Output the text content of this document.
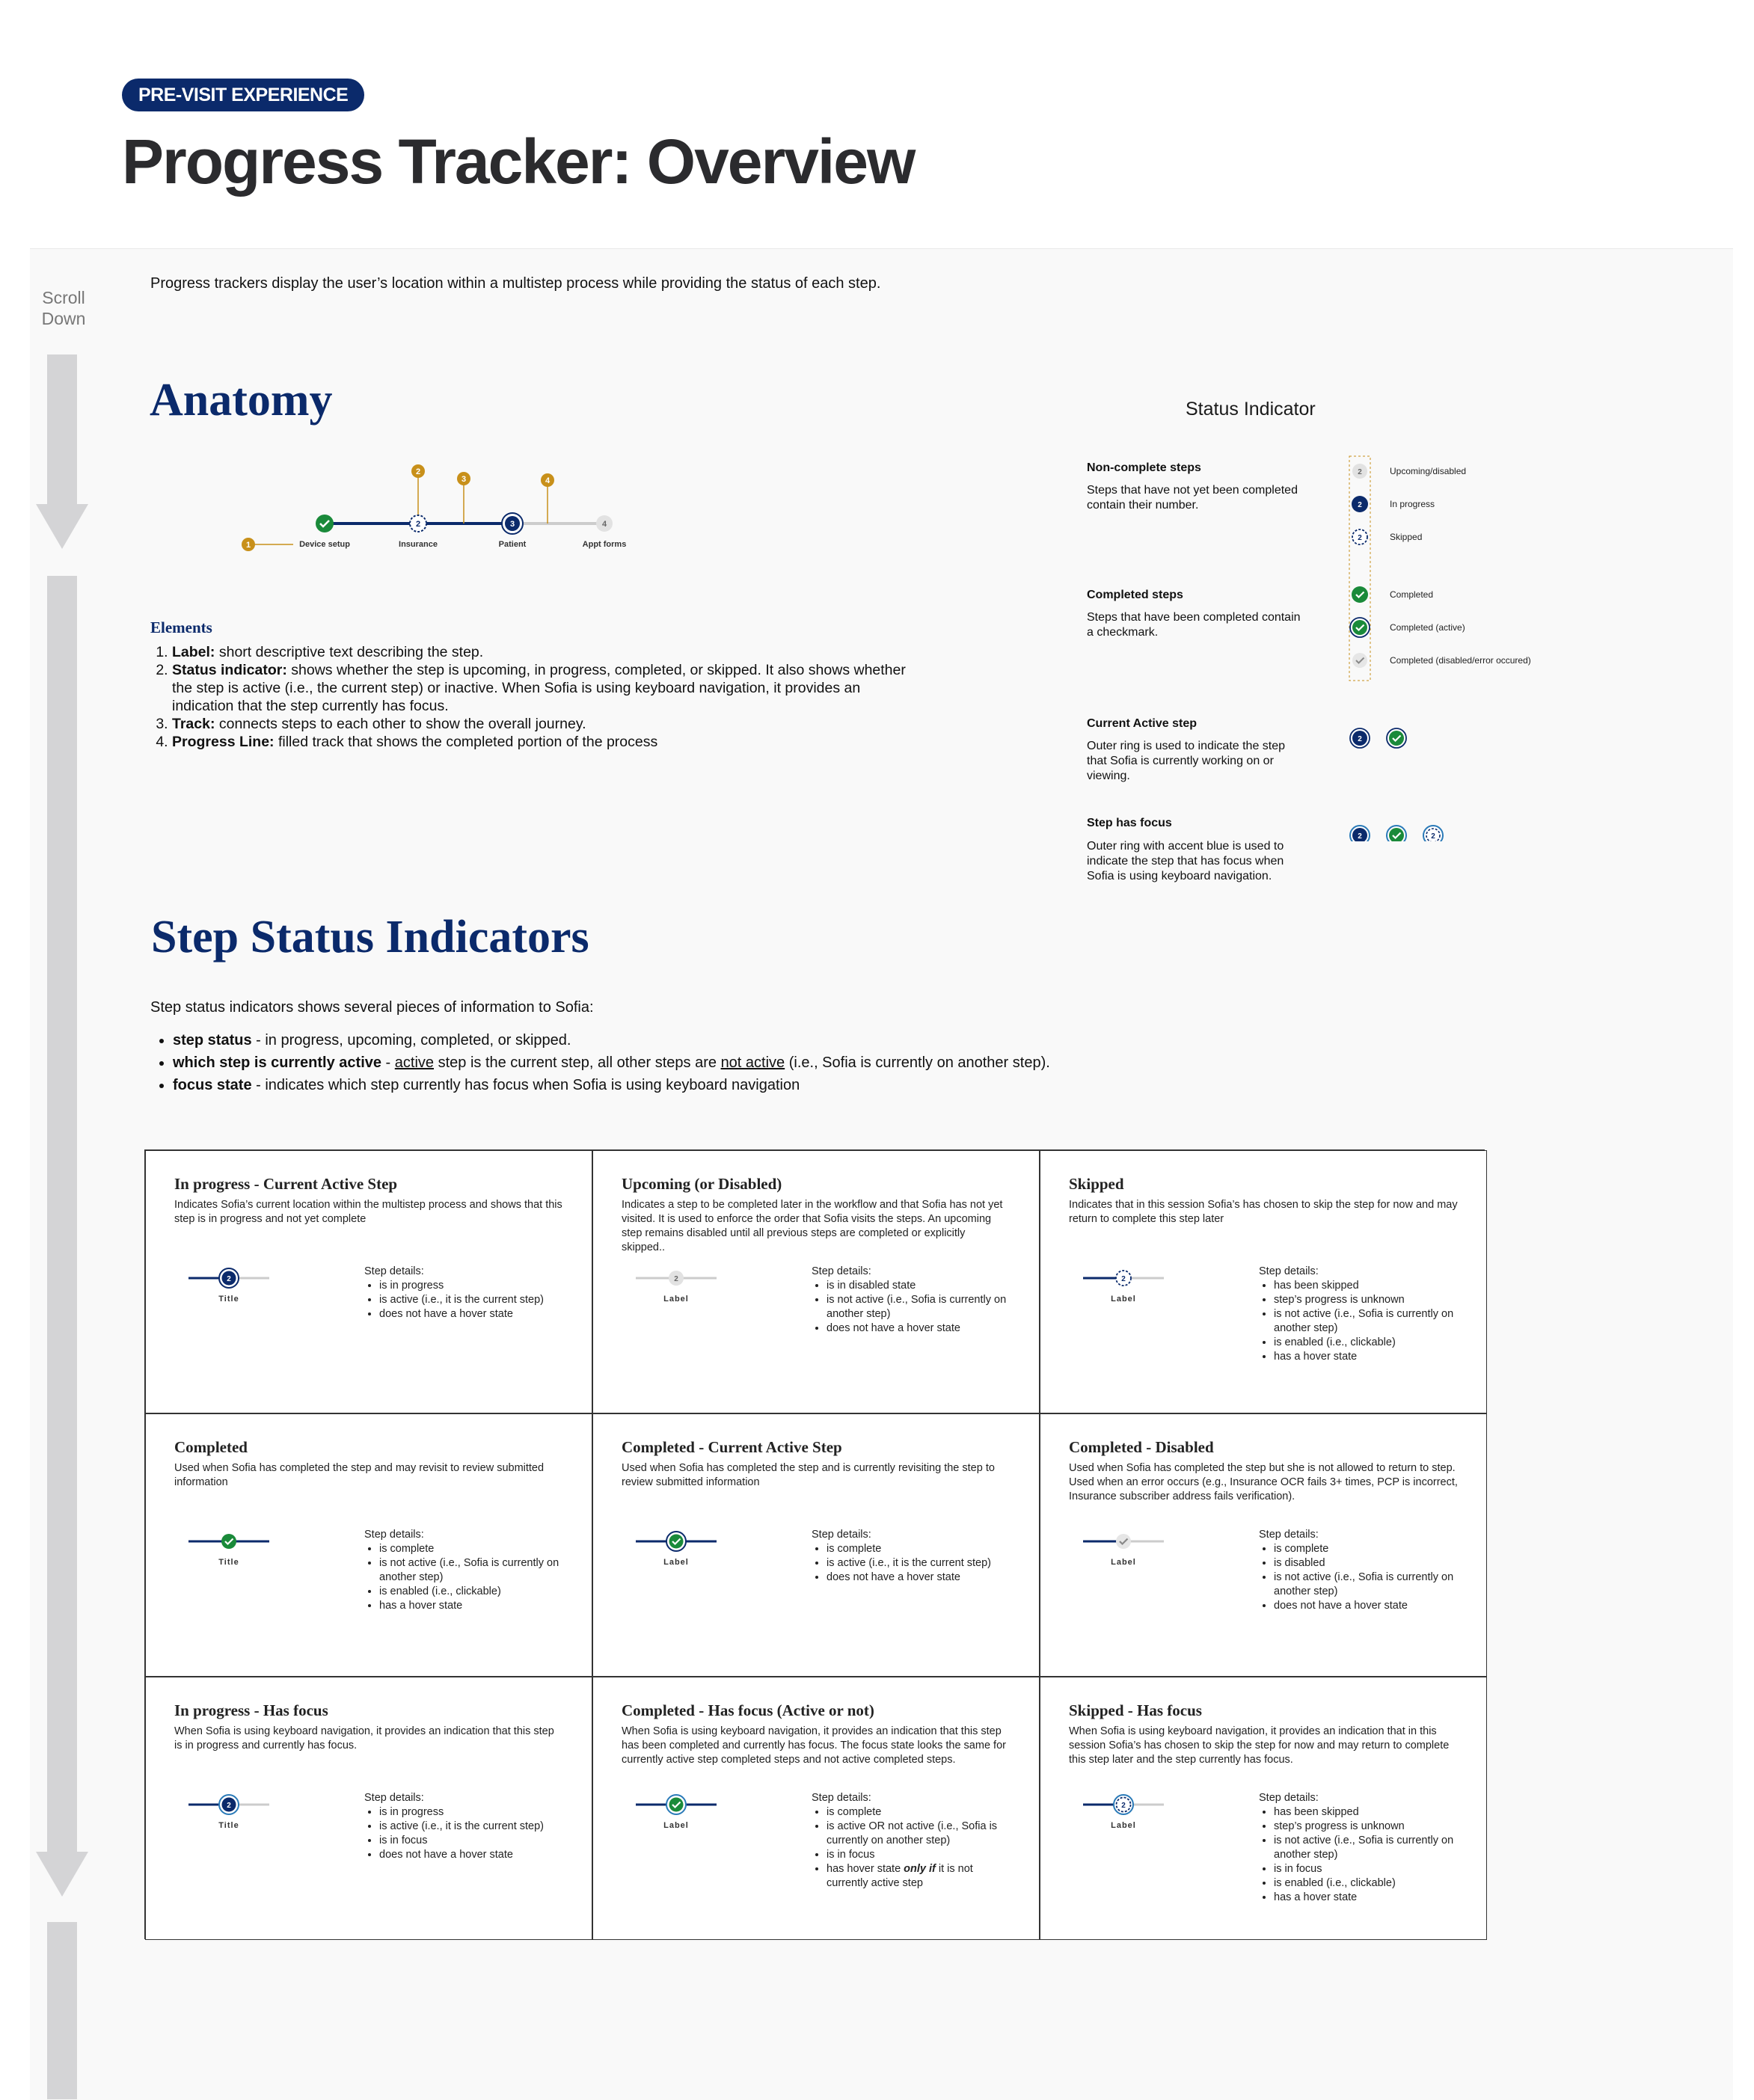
PRE-VISIT EXPERIENCE
Progress Tracker: Overview
Scroll
Down
Progress trackers display the user’s location within a multistep process while providing the status of each step.
Anatomy
1
2
3	4
2	3	4
Device setup	Insurance	Patient	Appt forms
Elements
1. Label: short descriptive text describing the step.
2. Status indicator: shows whether the step is upcoming, in progress, completed, or skipped. It also shows whether the step is active (i.e., the current step) or inactive. When Sofia is using keyboard navigation, it provides an indication that the step currently has focus.
3. Track: connects steps to each other to show the overall journey.
4. Progress Line: filled track that shows the completed portion of the process
Status Indicator
Non-complete steps
Steps that have not yet been completed contain their number.
Completed steps
Steps that have been completed contain a checkmark.
Current Active step
Outer ring is used to indicate the step that Sofia is currently working on or viewing.
Step has focus
Outer ring with accent blue is used to indicate the step that has focus when Sofia is using keyboard navigation.
2
2
2
2
2	2
Upcoming/disabled
In progress
Skipped
Completed
Completed (active)
Completed (disabled/error occured)
Step Status Indicators
Step status indicators shows several pieces of information to Sofia:
• step status - in progress, upcoming, completed, or skipped.
• which step is currently active - active step is the current step, all other steps are not active (i.e., Sofia is currently on another step).
• focus state - indicates which step currently has focus when Sofia is using keyboard navigation
In progress - Current Active Step
Indicates Sofia’s current location within the multistep process and shows that this step is in progress and not yet complete
2
Title
Step details:
• is in progress
• is active (i.e., it is the current step)
• does not have a hover state
Upcoming (or Disabled)
Indicates a step to be completed later in the workflow and that Sofia has not yet visited. It is used to enforce the order that Sofia visits the steps. An upcoming step remains disabled until all previous steps are completed or explicitly skipped..
2
Label
Step details:
• is in disabled state
• is not active (i.e., Sofia is currently on another step)
• does not have a hover state
Skipped
Indicates that in this session Sofia’s has chosen to skip the step for now and may return to complete this step later
2
Label
Step details:
• has been skipped
• step’s progress is unknown
• is not active (i.e., Sofia is currently on another step)
• is enabled (i.e., clickable)
• has a hover state
Completed
Used when Sofia has completed the step and may revisit to review submitted information
Title
Step details:
• is complete
• is not active (i.e., Sofia is currently on another step)
• is enabled (i.e., clickable)
• has a hover state
Completed - Current Active Step
Used when Sofia has completed the step and is currently revisiting the step to review submitted information
Label
Step details:
• is complete
• is active (i.e., it is the current step)
• does not have a hover state
Completed - Disabled
Used when Sofia has completed the step but she is not allowed to return to step. Used when an error occurs (e.g., Insurance OCR fails 3+ times, PCP is incorrect, Insurance subscriber address fails verification).
Label
Step details:
• is complete
• is disabled
• is not active (i.e., Sofia is currently on another step)
• does not have a hover state
In progress - Has focus
When Sofia is using keyboard navigation, it provides an indication that this step is in progress and currently has focus.
2
Title
Step details:
• is in progress
• is active (i.e., it is the current step)
• is in focus
• does not have a hover state
Completed - Has focus (Active or not)
When Sofia is using keyboard navigation, it provides an indication that this step has been completed and currently has focus. The focus state looks the same for currently active step completed steps and not active completed steps.
Label
Step details:
• is complete
• is active OR not active (i.e., Sofia is currently on another step)
• is in focus
• has hover state only if it is not currently active step
Skipped - Has focus
When Sofia is using keyboard navigation, it provides an indication that in this session Sofia’s has chosen to skip the step for now and may return to complete this step later and the step currently has focus.
2
Label
Step details:
• has been skipped
• step’s progress is unknown
• is not active (i.e., Sofia is currently on another step)
• is in focus
• is enabled (i.e., clickable)
• has a hover state
